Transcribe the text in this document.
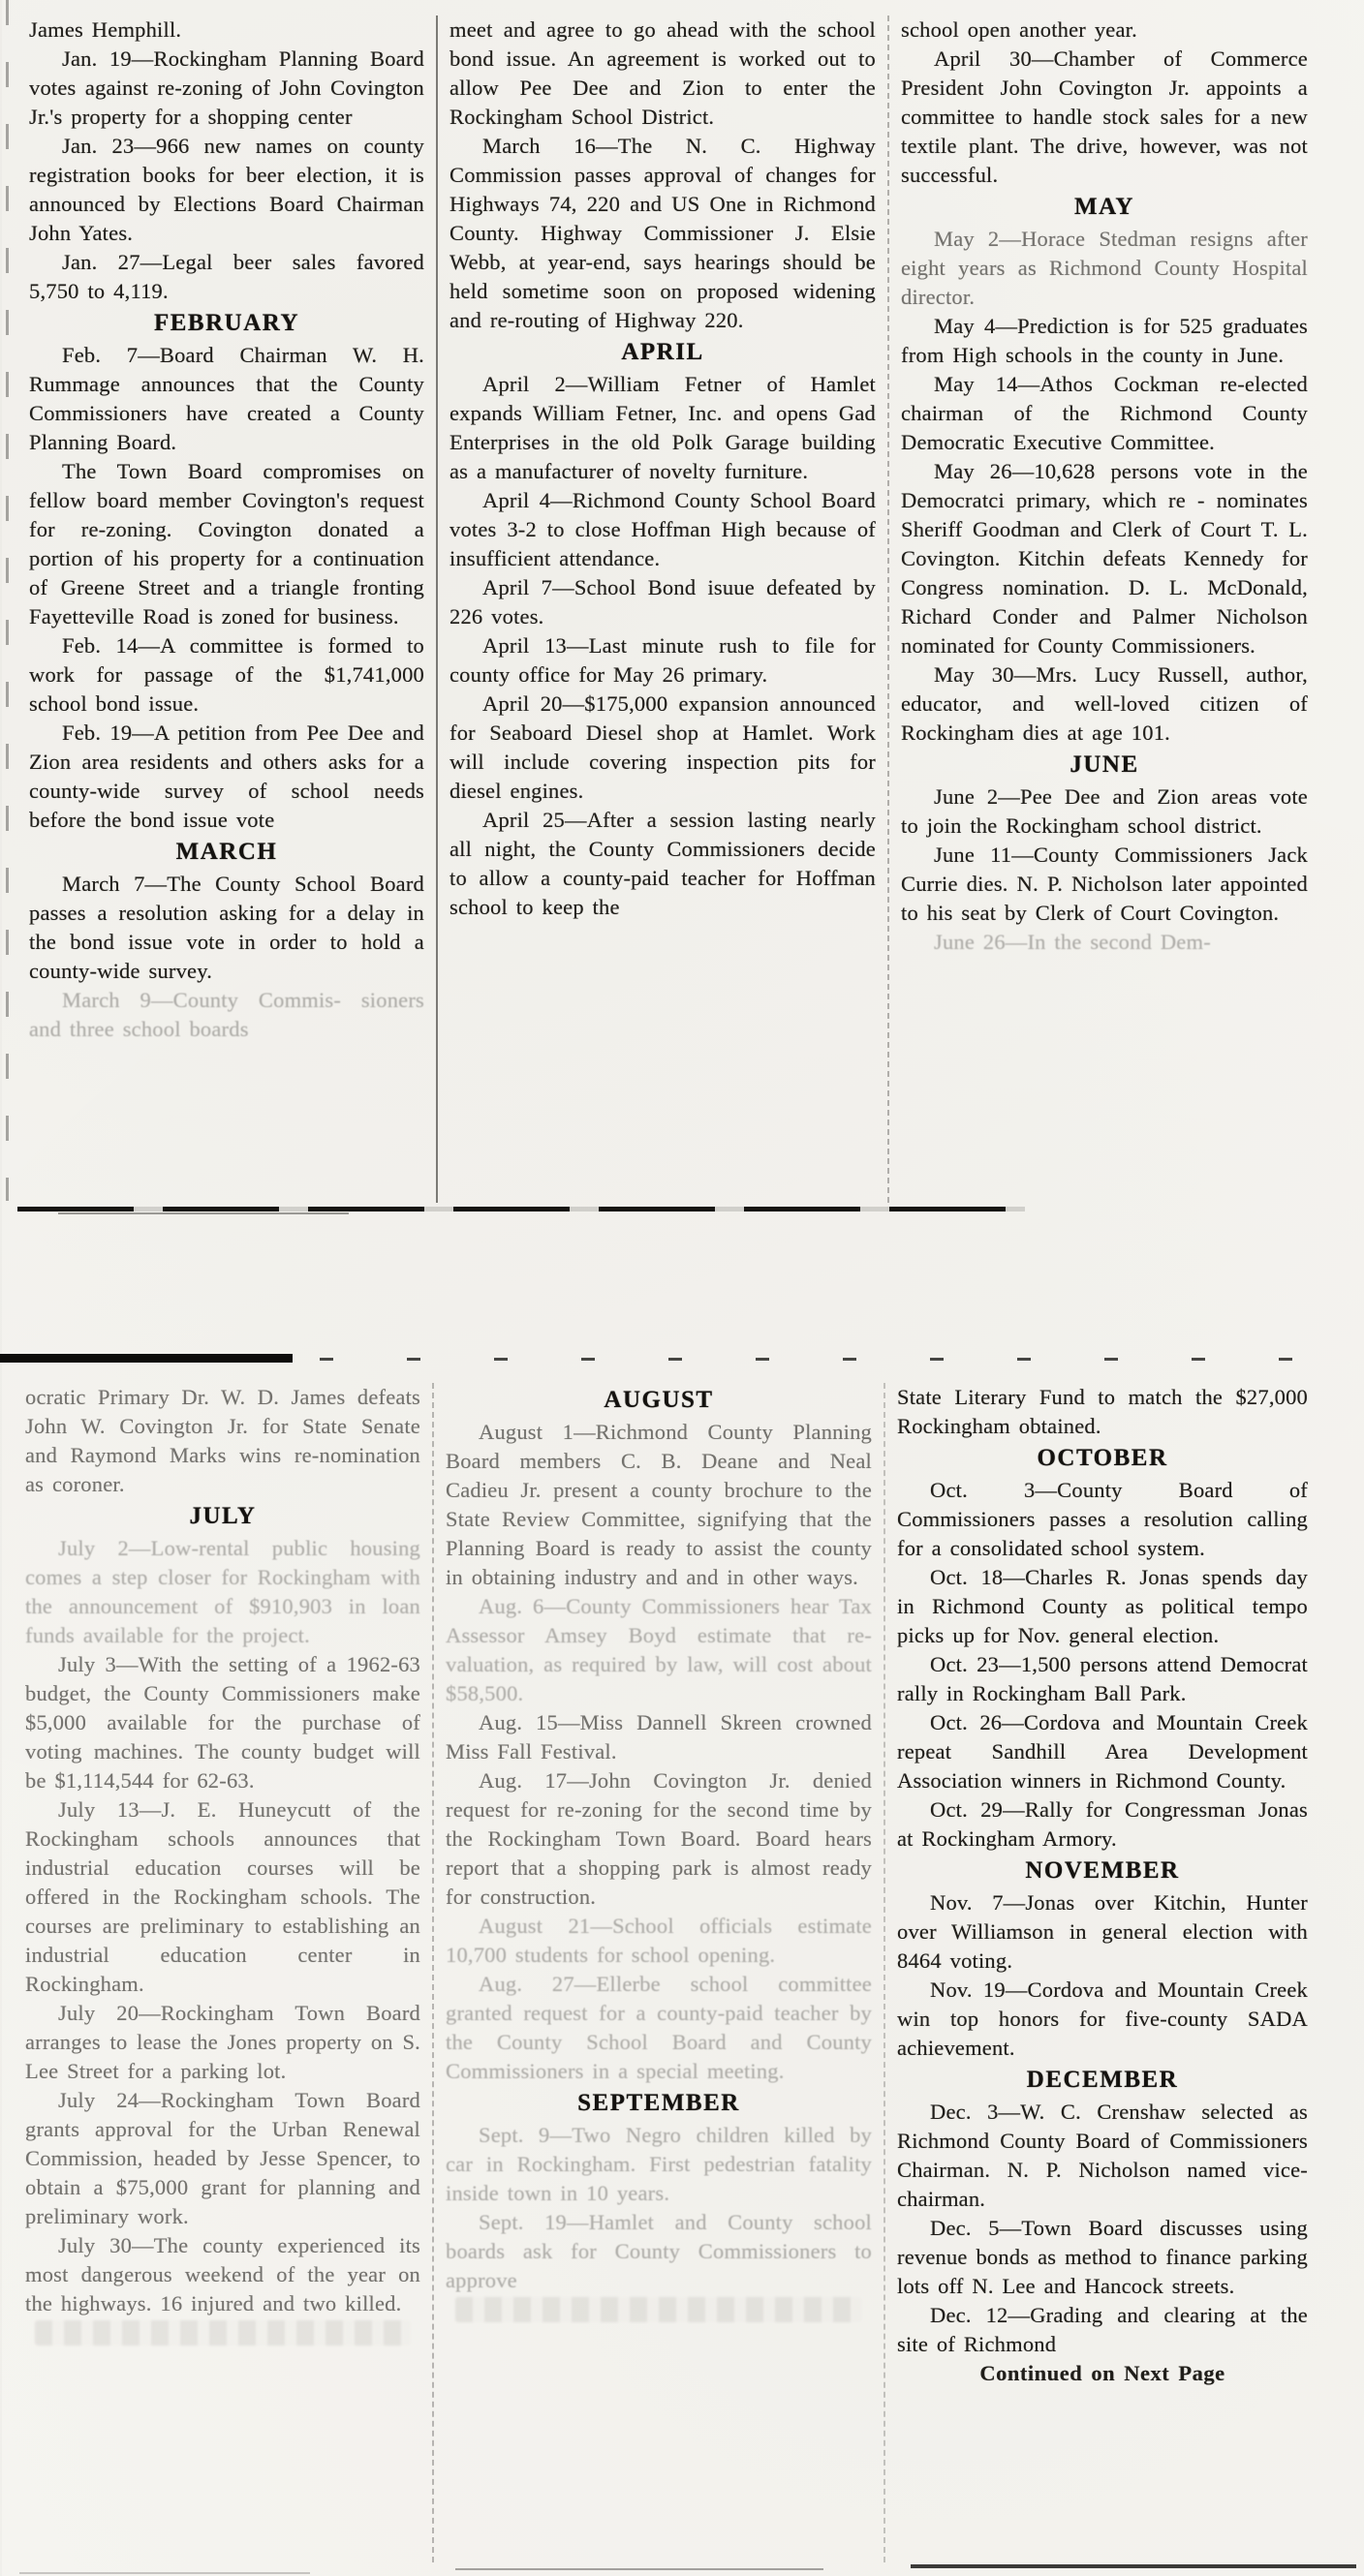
James Hemphill.
Jan. 19—Rockingham Planning Board votes against re-zoning of John Covington Jr.'s property for a shopping center
Jan. 23—966 new names on county registration books for beer election, it is announced by Elections Board Chairman John Yates.
Jan. 27—Legal beer sales favored 5,750 to 4,119.
FEBRUARY
Feb. 7—Board Chairman W. H. Rummage announces that the County Commissioners have created a County Planning Board.
The Town Board compromises on fellow board member Covington's request for re-zoning. Covington donated a portion of his property for a continuation of Greene Street and a triangle fronting Fayetteville Road is zoned for business.
Feb. 14—A committee is formed to work for passage of the $1,741,000 school bond issue.
Feb. 19—A petition from Pee Dee and Zion area residents and others asks for a county-wide survey of school needs before the bond issue vote
MARCH
March 7—The County School Board passes a resolution asking for a delay in the bond issue vote in order to hold a county-wide survey.
March 9—County Commis- sioners and three school boards
meet and agree to go ahead with the school bond issue. An agreement is worked out to allow Pee Dee and Zion to enter the Rockingham School District.
March 16—The N. C. Highway Commission passes approval of changes for Highways 74, 220 and US One in Richmond County. Highway Commissioner J. Elsie Webb, at year-end, says hearings should be held sometime soon on proposed widening and re-routing of Highway 220.
APRIL
April 2—William Fetner of Hamlet expands William Fetner, Inc. and opens Gad Enterprises in the old Polk Garage building as a manufacturer of novelty furniture.
April 4—Richmond County School Board votes 3-2 to close Hoffman High because of insufficient attendance.
April 7—School Bond isuue defeated by 226 votes.
April 13—Last minute rush to file for county office for May 26 primary.
April 20—$175,000 expansion announced for Seaboard Diesel shop at Hamlet. Work will include covering inspection pits for diesel engines.
April 25—After a session lasting nearly all night, the County Commissioners decide to allow a county-paid teacher for Hoffman school to keep the
school open another year.
April 30—Chamber of Commerce President John Covington Jr. appoints a committee to handle stock sales for a new textile plant. The drive, however, was not successful.
MAY
May 2—Horace Stedman resigns after eight years as Richmond County Hospital director.
May 4—Prediction is for 525 graduates from High schools in the county in June.
May 14—Athos Cockman re-elected chairman of the Richmond County Democratic Executive Committee.
May 26—10,628 persons vote in the Democratci primary, which re - nominates Sheriff Goodman and Clerk of Court T. L. Covington. Kitchin defeats Kennedy for Congress nomination. D. L. McDonald, Richard Conder and Palmer Nicholson nominated for County Commissioners.
May 30—Mrs. Lucy Russell, author, educator, and well-loved citizen of Rockingham dies at age 101.
JUNE
June 2—Pee Dee and Zion areas vote to join the Rockingham school district.
June 11—County Commissioners Jack Currie dies. N. P. Nicholson later appointed to his seat by Clerk of Court Covington.
June 26—In the second Dem-
ocratic Primary Dr. W. D. James defeats John W. Covington Jr. for State Senate and Raymond Marks wins re-nomination as coroner.
JULY
July 2—Low-rental public housing comes a step closer for Rockingham with the announcement of $910,903 in loan funds available for the project.
July 3—With the setting of a 1962-63 budget, the County Commissioners make $5,000 available for the purchase of voting machines. The county budget will be $1,114,544 for 62-63.
July 13—J. E. Huneycutt of the Rockingham schools announces that industrial education courses will be offered in the Rockingham schools. The courses are preliminary to establishing an industrial education center in Rockingham.
July 20—Rockingham Town Board arranges to lease the Jones property on S. Lee Street for a parking lot.
July 24—Rockingham Town Board grants approval for the Urban Renewal Commission, headed by Jesse Spencer, to obtain a $75,000 grant for planning and preliminary work.
July 30—The county experienced its most dangerous weekend of the year on the highways. 16 injured and two killed.
AUGUST
August 1—Richmond County Planning Board members C. B. Deane and Neal Cadieu Jr. present a county brochure to the State Review Committee, signifying that the Planning Board is ready to assist the county in obtaining industry and and in other ways.
Aug. 6—County Commissioners hear Tax Assessor Amsey Boyd estimate that re-valuation, as required by law, will cost about $58,500.
Aug. 15—Miss Dannell Skreen crowned Miss Fall Festival.
Aug. 17—John Covington Jr. denied request for re-zoning for the second time by the Rockingham Town Board. Board hears report that a shopping park is almost ready for construction.
August 21—School officials estimate 10,700 students for school opening.
Aug. 27—Ellerbe school committee granted request for a county-paid teacher by the County School Board and County Commissioners in a special meeting.
SEPTEMBER
Sept. 9—Two Negro children killed by car in Rockingham. First pedestrian fatality inside town in 10 years.
Sept. 19—Hamlet and County school boards ask for County Commissioners to approve
State Literary Fund to match the $27,000 Rockingham obtained.
OCTOBER
Oct. 3—County Board of Commissioners passes a resolution calling for a consolidated school system.
Oct. 18—Charles R. Jonas spends day in Richmond County as political tempo picks up for Nov. general election.
Oct. 23—1,500 persons attend Democrat rally in Rockingham Ball Park.
Oct. 26—Cordova and Mountain Creek repeat Sandhill Area Development Association winners in Richmond County.
Oct. 29—Rally for Congressman Jonas at Rockingham Armory.
NOVEMBER
Nov. 7—Jonas over Kitchin, Hunter over Williamson in general election with 8464 voting.
Nov. 19—Cordova and Mountain Creek win top honors for five-county SADA achievement.
DECEMBER
Dec. 3—W. C. Crenshaw selected as Richmond County Board of Commissioners Chairman. N. P. Nicholson named vice-chairman.
Dec. 5—Town Board discusses using revenue bonds as method to finance parking lots off N. Lee and Hancock streets.
Dec. 12—Grading and clearing at the site of Richmond
Continued on Next Page
